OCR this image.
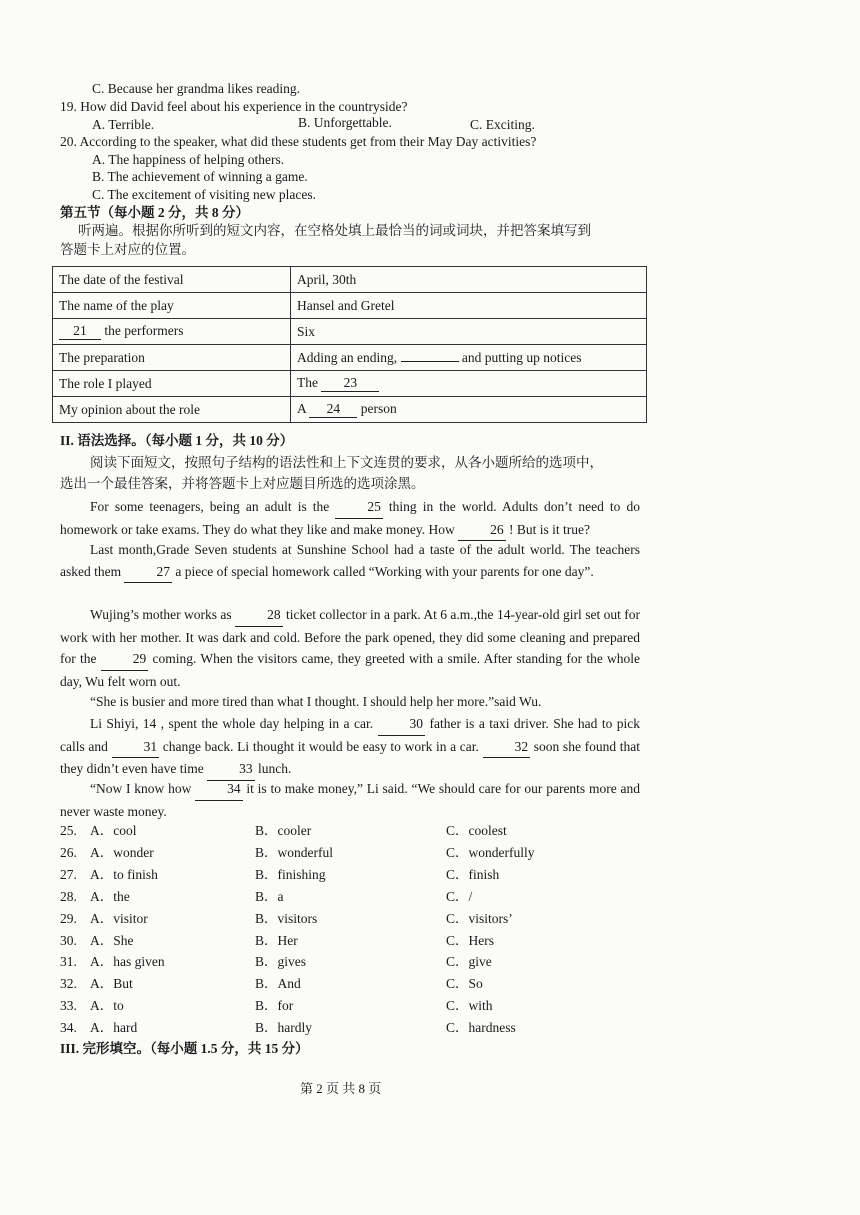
C. Because her grandma likes reading.
19. How did David feel about his experience in the countryside?
A. Terrible.	B. Unforgettable.	C. Exciting.
20. According to the speaker, what did these students get from their May Day activities?
A. The happiness of helping others.
B. The achievement of winning a game.
C. The excitement of visiting new places.
第五节（每小题 2 分，共 8 分）
听两遍。根据你所听到的短文内容，在空格处填上最恰当的词或词块，并把答案填写到
答题卡上对应的位置。
The date of the festival	April, 30th
The name of the play	Hansel and Gretel
21 the performers	Six
The preparation	Adding an ending, and putting up notices
The role I played	The 23
My opinion about the role	A 24 person
II. 语法选择。（每小题 1 分，共 10 分）
阅读下面短文，按照句子结构的语法性和上下文连贯的要求，从各小题所给的选项中，
选出一个最佳答案，并将答题卡上对应题目所选的选项涂黑。
For some teenagers, being an adult is the	25 thing in the world. Adults don’t need to do homework or take exams. They do what they like and make money. How	26 ! But is it true?
Last month,Grade Seven students at Sunshine School had a taste of the adult world. The teachers asked them	27 a piece of special homework called “Working with your parents for one day”.
Wujing’s mother works as	28 ticket collector in a park. At 6 a.m.,the 14-year-old girl set out for work with her mother. It was dark and cold. Before the park opened, they did some cleaning and prepared for the	29 coming. When the visitors came, they greeted with a smile. After standing for the whole day, Wu felt worn out.
“She is busier and more tired than what I thought. I should help her more.”said Wu.
Li Shiyi, 14 , spent the whole day helping in a car.	30 father is a taxi driver. She had to pick calls and	31 change back. Li thought it would be easy to work in a car.	32 soon she found that they didn’t even have time	33 lunch.
“Now I know how	34 it is to make money,” Li said. “We should care for our parents more and never waste money.
25. A．cool	B．cooler	C．coolest
26. A．wonder	B．wonderful	C．wonderfully
27. A．to finish	B．finishing	C．finish
28. A．the	B．a	C．/
29. A．visitor	B．visitors	C．visitors’
30. A．She	B．Her	C．Hers
31. A．has given	B．gives	C．give
32. A．But	B．And	C．So
33. A．to	B．for	C．with
34. A．hard	B．hardly	C．hardness
III. 完形填空。（每小题 1.5 分，共 15 分）
第 2 页 共 8 页
